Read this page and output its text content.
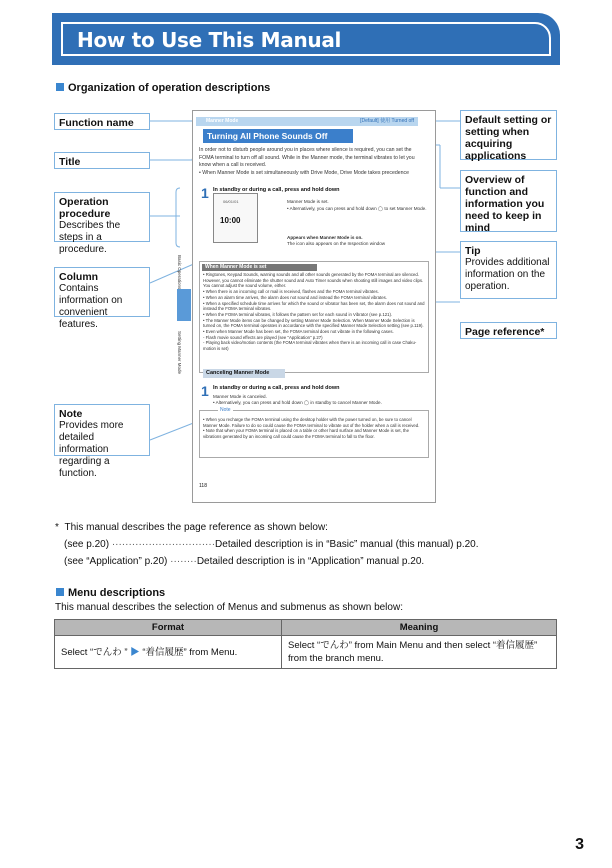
How to Use This Manual
Organization of operation descriptions
Function name
Title
Operation procedure
Describes the steps in a procedure.
Column
Contains information on convenient features.
Note
Provides more detailed information regarding a function.
Default setting or setting when acquiring applications
Overview of function and information you need to keep in mind
Tip
Provides additional information on the operation.
Page reference*
Manner Mode	[Default] 使用 Turned off
Turning All Phone Sounds Off
In order not to disturb people around you in places where silence is required, you can set the FOMA terminal to turn off all sound. While in the Manner mode, the terminal vibrates to let you know when a call is received.
• When Manner Mode is set simultaneously with Drive Mode, Drive Mode takes precedence
1 In standby or during a call, press and hold down
06/01/01
10:00
Manner Mode is set.
• Alternatively, you can press and hold down ◯ to set Manner Mode.
Appears when Manner Mode is on.
The icon also appears on the Inspection window
Basic Operations
Setting Manner Mode
When Manner Mode is set
• Ringtones, Keypad Sounds, warning sounds and all other sounds generated by the FOMA terminal are silenced. However, you cannot eliminate the shutter sound and Auto Timer sounds when shooting still images and video clips. You cannot adjust the sound volume, either.
• When there is an incoming call or mail is received, flashes and the FOMA terminal vibrates.
• When an alarm time arrives, the alarm does not sound and instead the FOMA terminal vibrates.
• When a specified schedule time arrives for which the sound or vibrator has been set, the alarm does not sound and instead the FOMA terminal vibrates.
• When the FOMA terminal vibrates, it follows the pattern set for each sound in Vibrator (see p.121).
• The Manner Mode items can be changed by setting Manner Mode Selection. When Manner Mode Selection is turned on, the FOMA terminal operates in accordance with the specified Manner Mode Selection setting (see p.119).
• Even when Manner Mode has been set, the FOMA terminal does not vibrate in the following cases.
- Flash movie sound effects are played (see "Application" p.27)
- Playing back video/motion contents (the FOMA terminal vibrates when there is an incoming call in case Chaku-motion is set)
Canceling Manner Mode
1 In standby or during a call, press and hold down
Manner Mode is canceled.
• Alternatively, you can press and hold down ◯ in standby to cancel Manner Mode.
Note
• When you recharge the FOMA terminal using the desktop holder with the power turned on, be sure to cancel Manner Mode. Failure to do so could cause the FOMA terminal to vibrate out of the holder when a call is received.
• Note that when your FOMA terminal is placed on a table or other hard surface and Manner Mode is set, the vibrations generated by an incoming call could cause the FOMA terminal to fall to the floor.
118
* This manual describes the page reference as shown below:
(see p.20) ·······························Detailed description is in “Basic” manual (this manual) p.20.
(see “Application” p.20) ········Detailed description is in “Application” manual p.20.
Menu descriptions
This manual describes the selection of Menus and submenus as shown below:
Format	Meaning
Select “でんわ ” ▶ “着信履歴” from Menu.	Select “でんわ” from Main Menu and then select “着信履歴” from the branch menu.
3
